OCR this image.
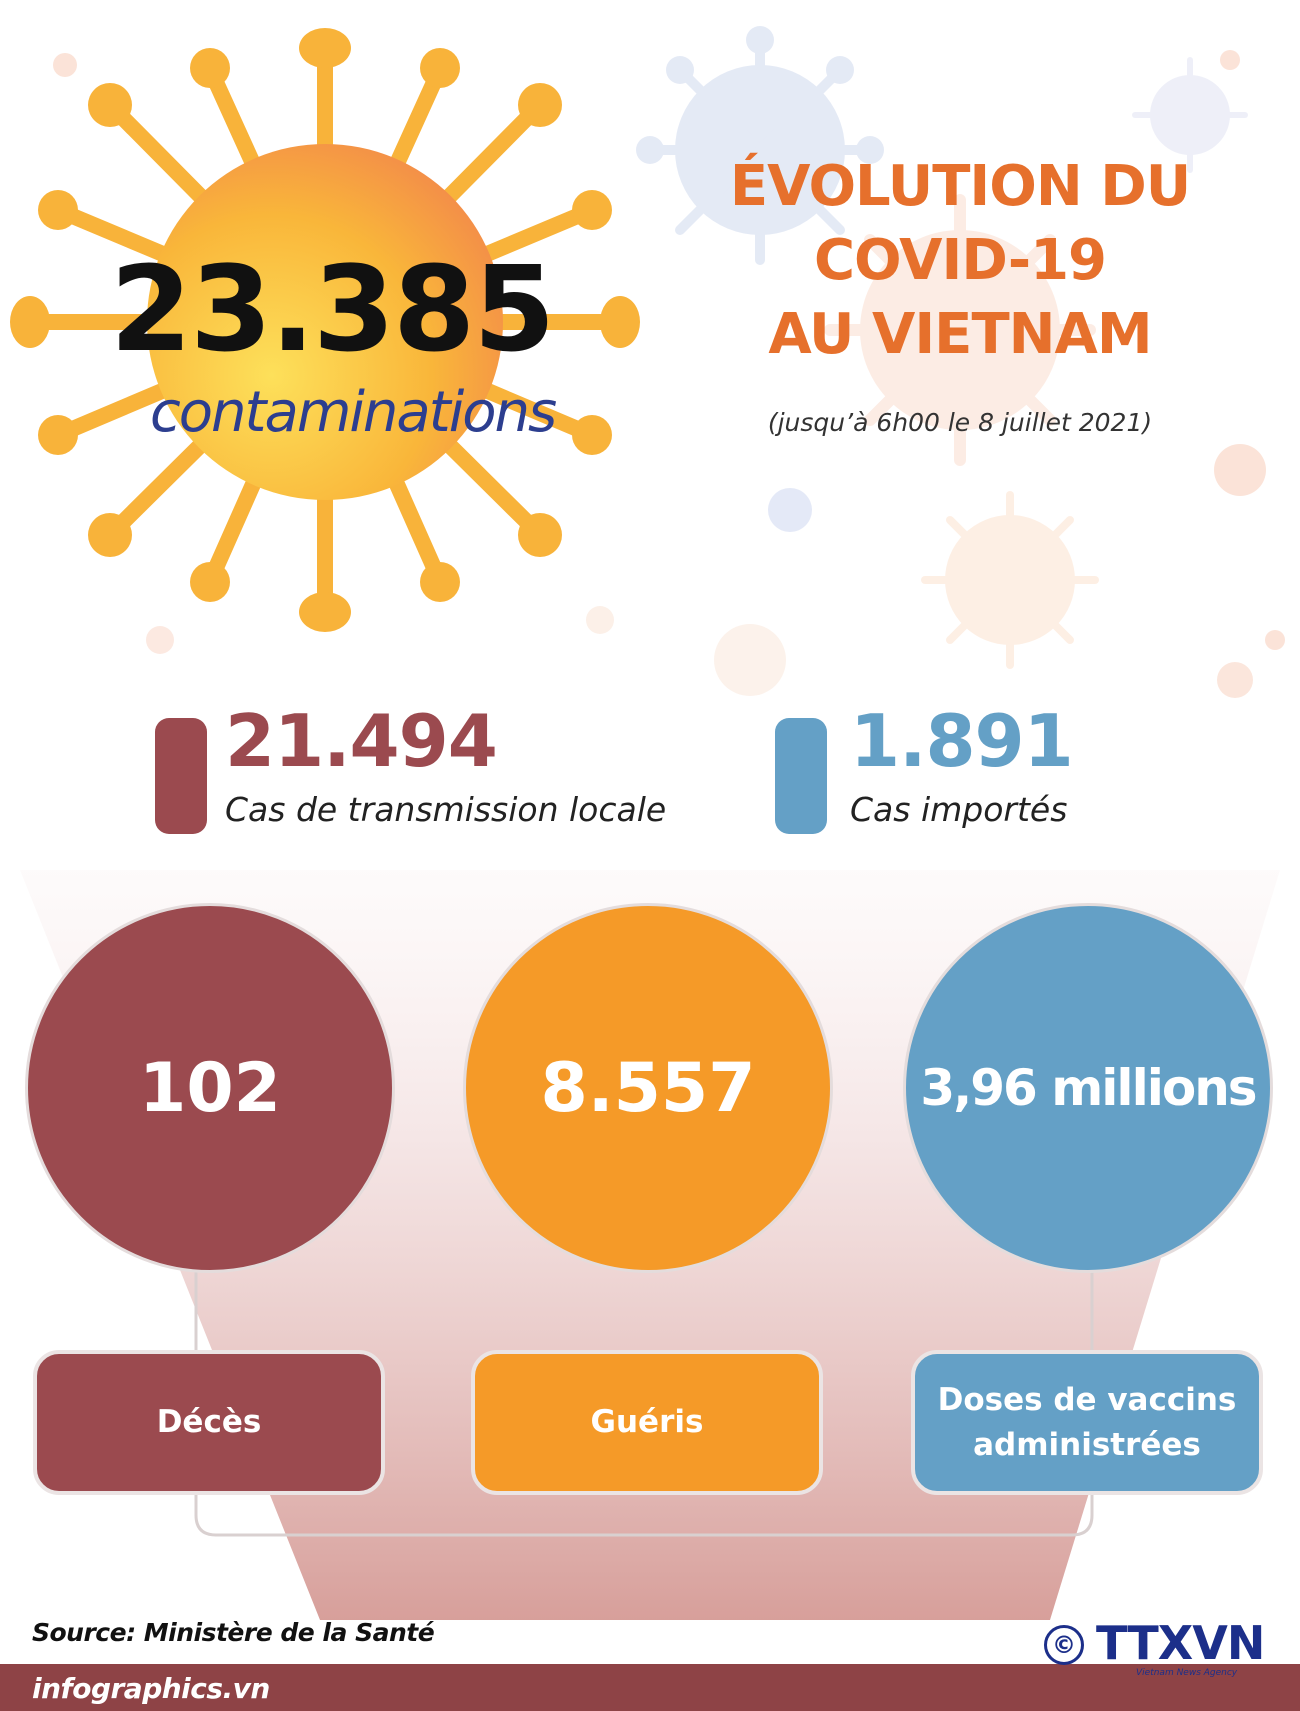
23.385
contaminations
ÉVOLUTION DU
COVID-19
AU VIETNAM
(jusqu’à 6h00 le 8 juillet 2021)
21.494
Cas de transmission locale
1.891
Cas importés
102	8.557	3,96 millions
Décès	Guéris
Doses de vaccins
administrées
Source: Ministère de la Santé
infographics.vn
© TTXVN
Vietnam News Agency
